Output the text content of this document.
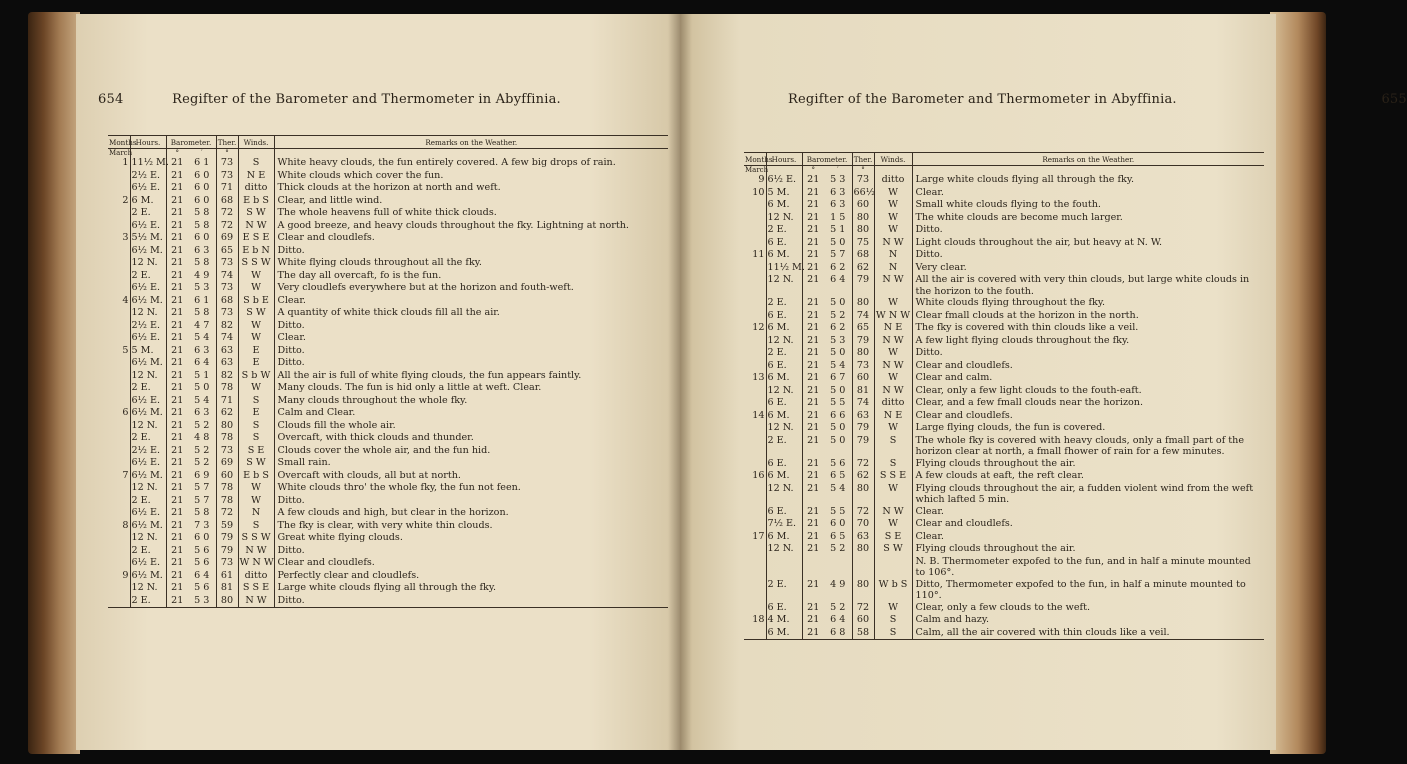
654	Regifter of the Barometer and Thermometer in Abyffinia.	Regifter of the Barometer and Thermometer in Abyffinia.	655
Months	Hours.	Barometer.		Ther.	Winds.	Remarks on the Weather.
March		°	′	°		
1	11½ M.	21	6 1	73	S	White heavy clouds, the fun entirely covered. A few big drops of rain.
	2½ E.	21	6 0	73	N E	White clouds which cover the fun.
	6½ E.	21	6 0	71	ditto	Thick clouds at the horizon at north and weft.
2	6 M.	21	6 0	68	E b S	Clear, and little wind.
	2 E.	21	5 8	72	S W	The whole heavens full of white thick clouds.
	6½ E.	21	5 8	72	N W	A good breeze, and heavy clouds throughout the fky. Lightning at north.
3	5½ M.	21	6 0	69	E S E	Clear and cloudlefs.
	6½ M.	21	6 3	65	E b N	Ditto.
	12 N.	21	5 8	73	S S W	White flying clouds throughout all the fky.
	2 E.	21	4 9	74	W	The day all overcaft, fo is the fun.
	6½ E.	21	5 3	73	W	Very cloudlefs everywhere but at the horizon and fouth-weft.
4	6½ M.	21	6 1	68	S b E	Clear.
	12 N.	21	5 8	73	S W	A quantity of white thick clouds fill all the air.
	2½ E.	21	4 7	82	W	Ditto.
	6½ E.	21	5 4	74	W	Clear.
5	5 M.	21	6 3	63	E	Ditto.
	6½ M.	21	6 4	63	E	Ditto.
	12 N.	21	5 1	82	S b W	All the air is full of white flying clouds, the fun appears faintly.
	2 E.	21	5 0	78	W	Many clouds. The fun is hid only a little at weft. Clear.
	6½ E.	21	5 4	71	S	Many clouds throughout the whole fky.
6	6½ M.	21	6 3	62	E	Calm and Clear.
	12 N.	21	5 2	80	S	Clouds fill the whole air.
	2 E.	21	4 8	78	S	Overcaft, with thick clouds and thunder.
	2½ E.	21	5 2	73	S E	Clouds cover the whole air, and the fun hid.
	6½ E.	21	5 2	69	S W	Small rain.
7	6½ M.	21	6 9	60	E b S	Overcaft with clouds, all but at north.
	12 N.	21	5 7	78	W	White clouds thro' the whole fky, the fun not feen.
	2 E.	21	5 7	78	W	Ditto.
	6½ E.	21	5 8	72	N	A few clouds and high, but clear in the horizon.
8	6½ M.	21	7 3	59	S	The fky is clear, with very white thin clouds.
	12 N.	21	6 0	79	S S W	Great white flying clouds.
	2 E.	21	5 6	79	N W	Ditto.
	6½ E.	21	5 6	73	W N W	Clear and cloudlefs.
9	6½ M.	21	6 4	61	ditto	Perfectly clear and cloudlefs.
	12 N.	21	5 6	81	S S E	Large white clouds flying all through the fky.
	2 E.	21	5 3	80	N W	Ditto.
Months	Hours.	Barometer.		Ther.	Winds.	Remarks on the Weather.
March		°	′	°		
9	6½ E.	21	5 3	73	ditto	Large white clouds flying all through the fky.
10	5 M.	21	6 3	66½	W	Clear.
	6 M.	21	6 3	60	W	Small white clouds flying to the fouth.
	12 N.	21	1 5	80	W	The white clouds are become much larger.
	2 E.	21	5 1	80	W	Ditto.
	6 E.	21	5 0	75	N W	Light clouds throughout the air, but heavy at N. W.
11	6 M.	21	5 7	68	N	Ditto.
	11½ M.	21	6 2	62	N	Very clear.
	12 N.	21	6 4	79	N W	All the air is covered with very thin clouds, but large white clouds in the horizon to the fouth.
	2 E.	21	5 0	80	W	White clouds flying throughout the fky.
	6 E.	21	5 2	74	W N W	Clear fmall clouds at the horizon in the north.
12	6 M.	21	6 2	65	N E	The fky is covered with thin clouds like a veil.
	12 N.	21	5 3	79	N W	A few light flying clouds throughout the fky.
	2 E.	21	5 0	80	W	Ditto.
	6 E.	21	5 4	73	N W	Clear and cloudlefs.
13	6 M.	21	6 7	60	W	Clear and calm.
	12 N.	21	5 0	81	N W	Clear, only a few light clouds to the fouth-eaft.
	6 E.	21	5 5	74	ditto	Clear, and a few fmall clouds near the horizon.
14	6 M.	21	6 6	63	N E	Clear and cloudlefs.
	12 N.	21	5 0	79	W	Large flying clouds, the fun is covered.
	2 E.	21	5 0	79	S	The whole fky is covered with heavy clouds, only a fmall part of the horizon clear at north, a fmall fhower of rain for a few minutes.
	6 E.	21	5 6	72	S	Flying clouds throughout the air.
16	6 M.	21	6 5	62	S S E	A few clouds at eaft, the reft clear.
	12 N.	21	5 4	80	W	Flying clouds throughout the air, a fudden violent wind from the weft which lafted 5 min.
	6 E.	21	5 5	72	N W	Clear.
	7½ E.	21	6 0	70	W	Clear and cloudlefs.
17	6 M.	21	6 5	63	S E	Clear.
	12 N.	21	5 2	80	S W	Flying clouds throughout the air.
						N. B. Thermometer expofed to the fun, and in half a minute mounted to 106°.
	2 E.	21	4 9	80	W b S	Ditto, Thermometer expofed to the fun, in half a minute mounted to 110°.
	6 E.	21	5 2	72	W	Clear, only a few clouds to the weft.
18	4 M.	21	6 4	60	S	Calm and hazy.
	6 M.	21	6 8	58	S	Calm, all the air covered with thin clouds like a veil.
